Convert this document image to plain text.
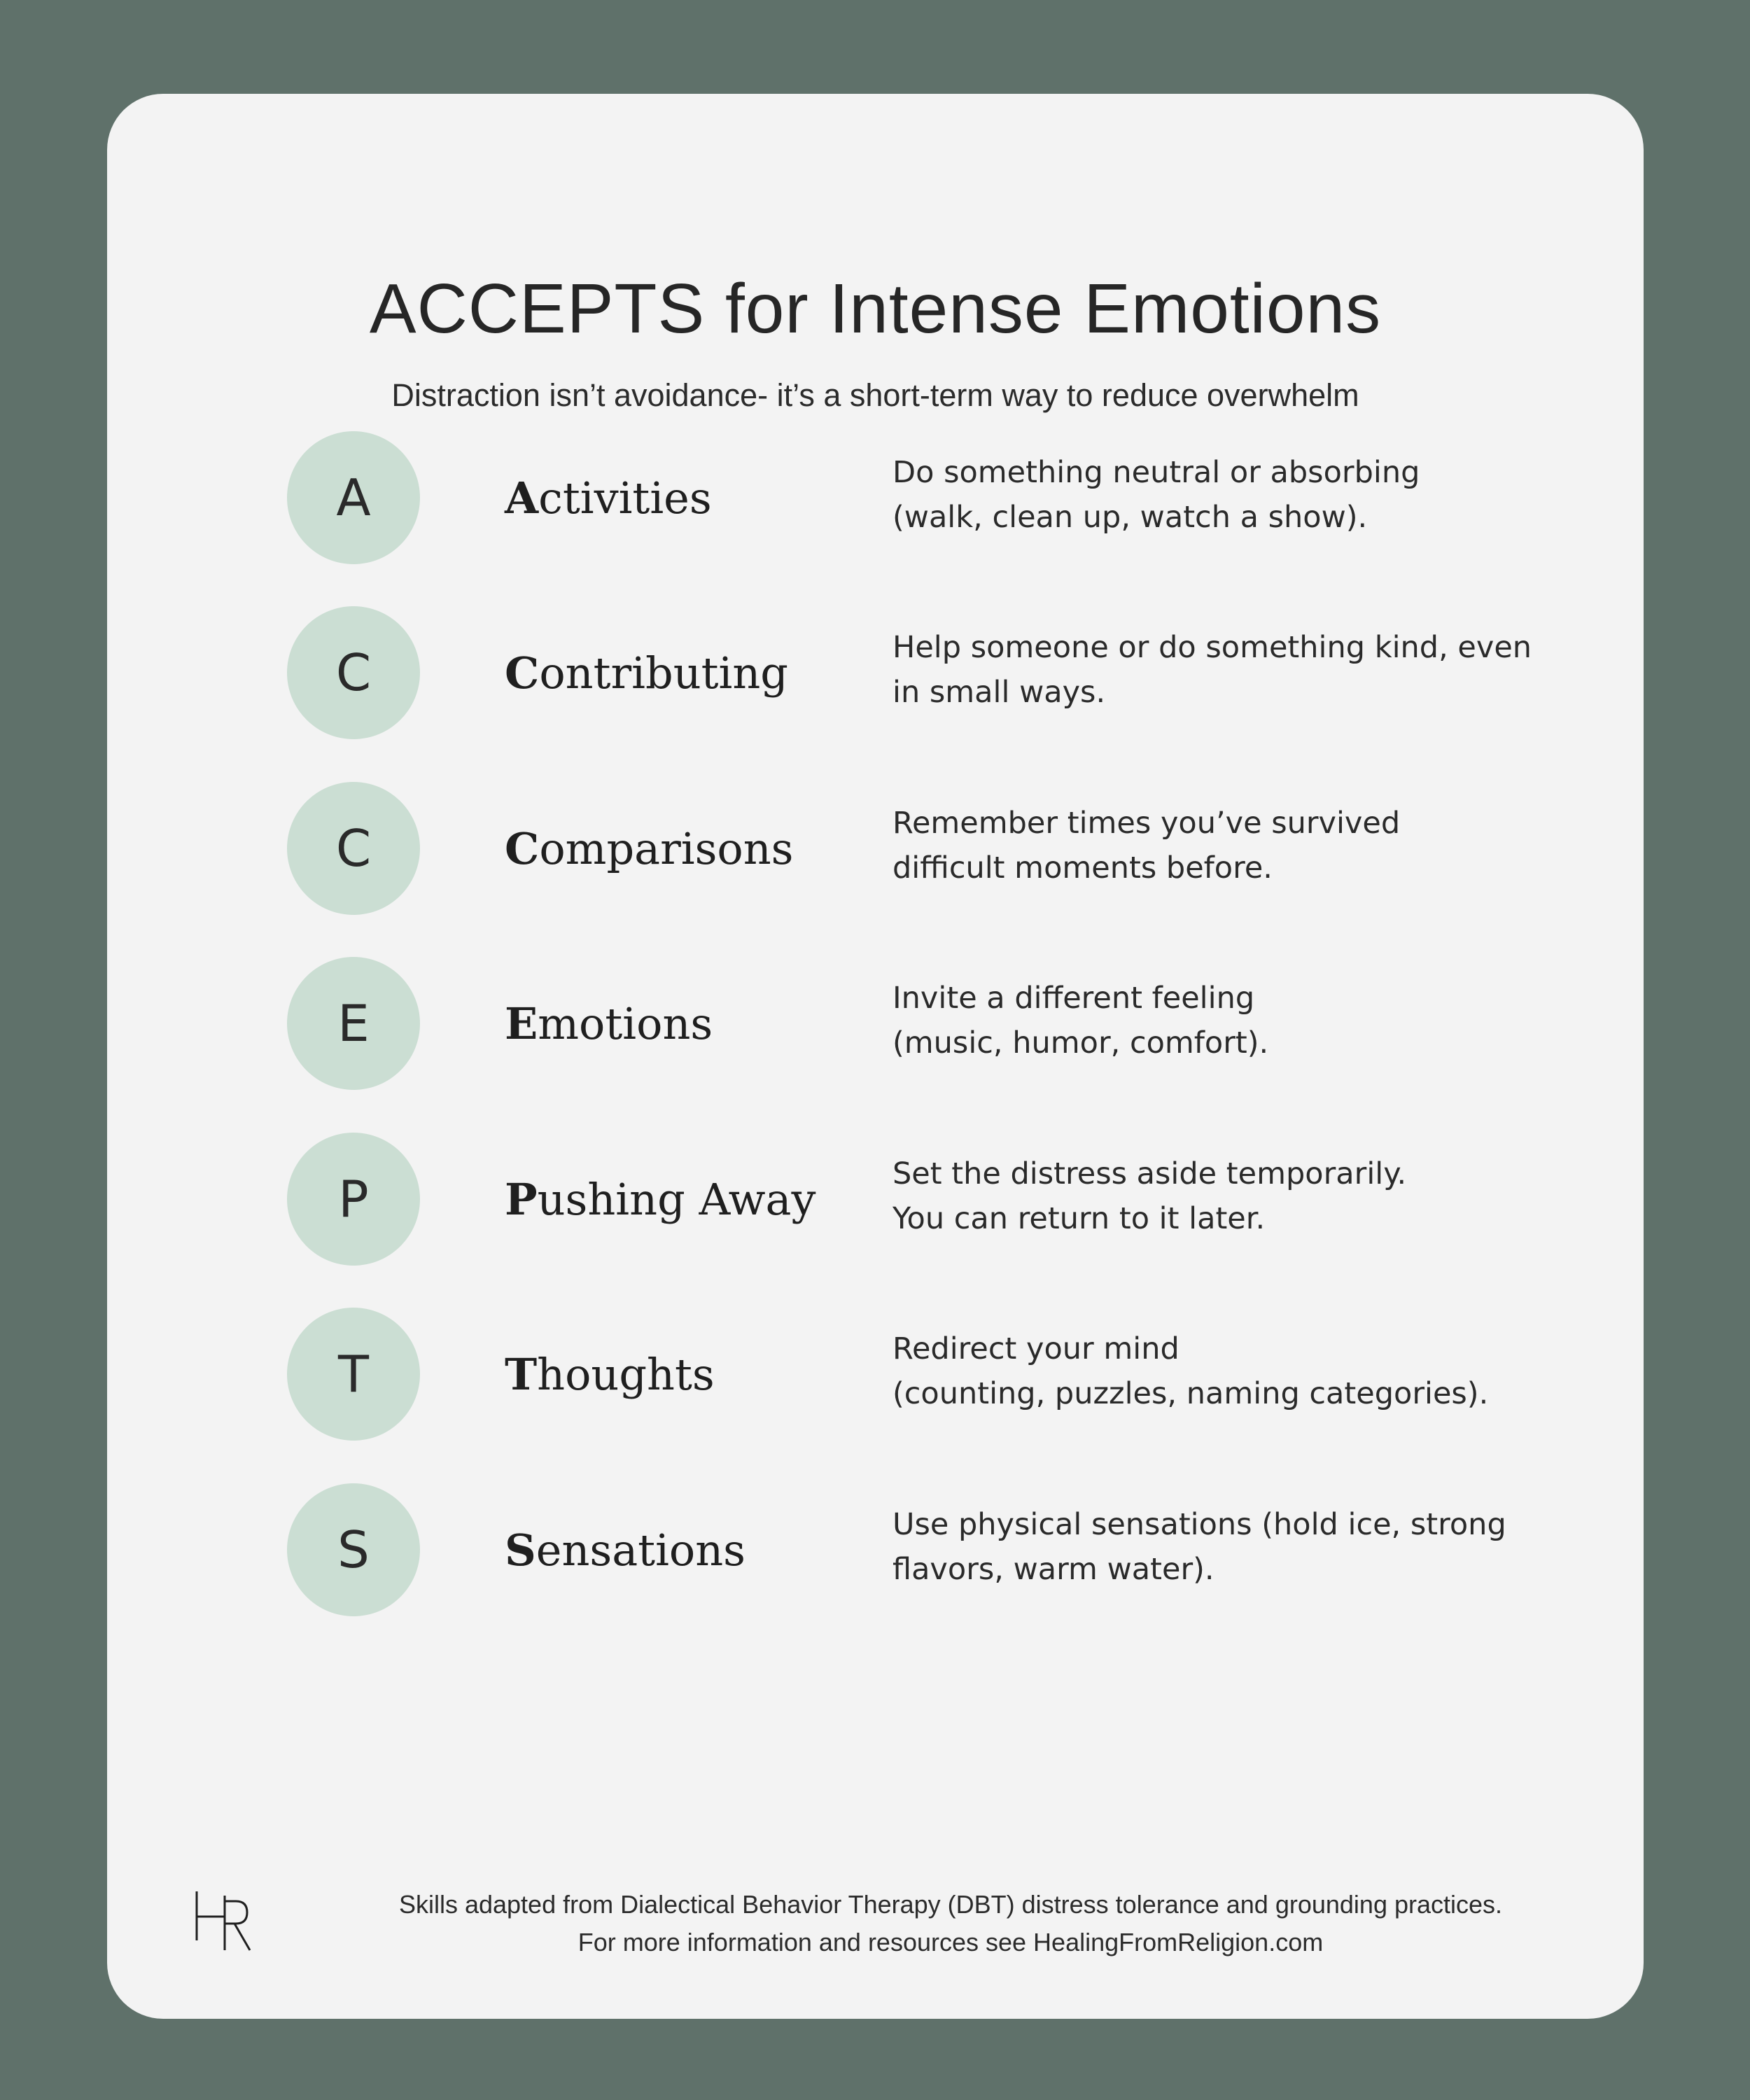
ACCEPTS for Intense Emotions

Distraction isn’t avoidance- it’s a short-term way to reduce overwhelm

A	A ctivities	Do something neutral or absorbing
(walk, clean up, watch a show).
C	C ontributing	Help someone or do something kind, even
in small ways.
C	C omparisons	Remember times you’ve survived
difficult moments before.
E	E motions	Invite a different feeling
(music, humor, comfort).
P	P ushing Away	Set the distress aside temporarily.
You can return to it later.
T	T houghts	Redirect your mind
(counting, puzzles, naming categories).
S	S ensations	Use physical sensations (hold ice, strong
flavors, warm water).
Skills adapted from Dialectical Behavior Therapy (DBT) distress tolerance and grounding practices.
For more information and resources see HealingFromReligion.com
